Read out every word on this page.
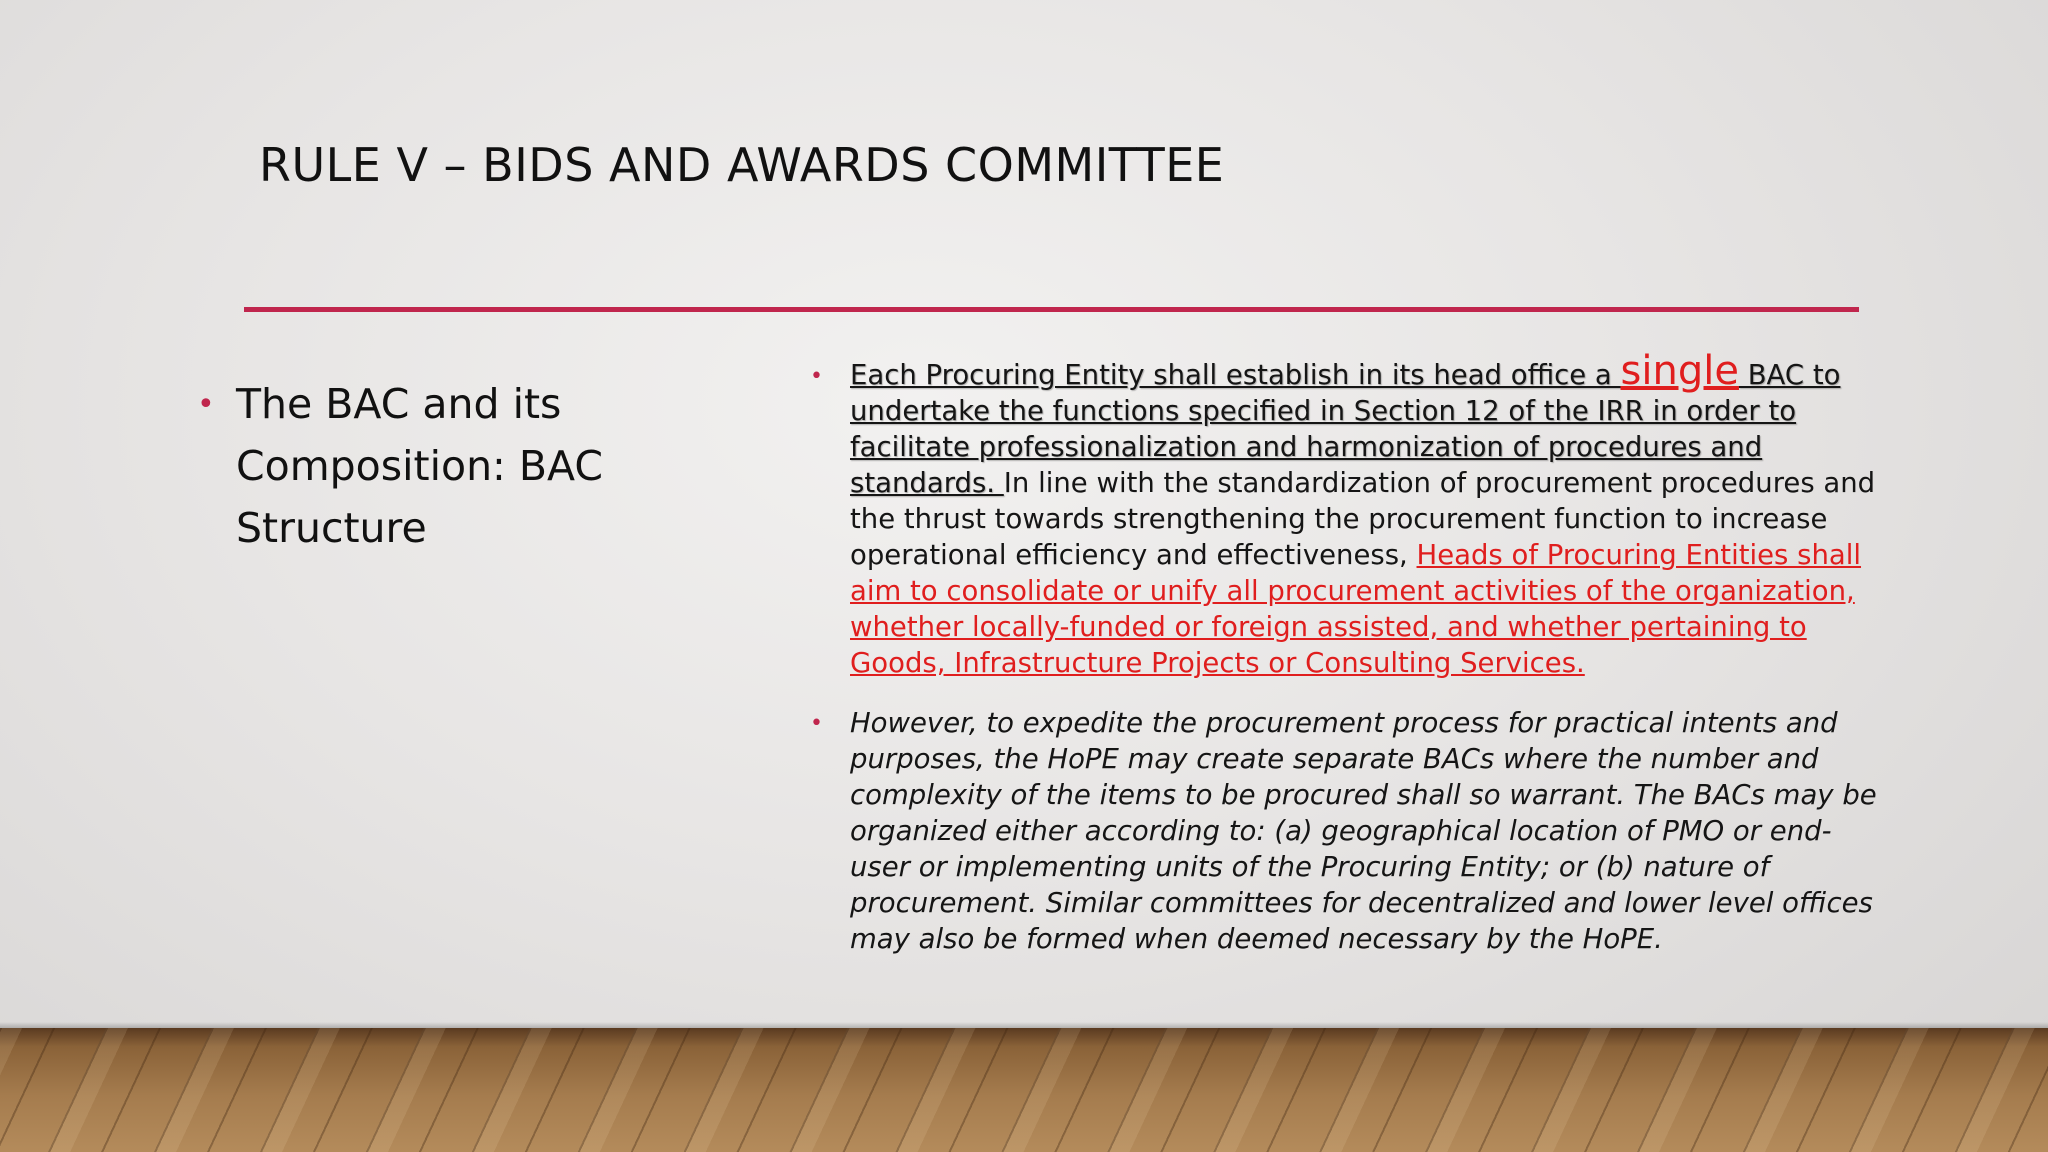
RULE V – BIDS AND AWARDS COMMITTEE
• The BAC and its Composition: BAC Structure
• Each Procuring Entity shall establish in its head office a single BAC to undertake the functions specified in Section 12 of the IRR in order to facilitate professionalization and harmonization of procedures and standards. In line with the standardization of procurement procedures and the thrust towards strengthening the procurement function to increase operational efficiency and effectiveness, Heads of Procuring Entities shall aim to consolidate or unify all procurement activities of the organization, whether locally-funded or foreign assisted, and whether pertaining to Goods, Infrastructure Projects or Consulting Services.
• However, to expedite the procurement process for practical intents and purposes, the HoPE may create separate BACs where the number and complexity of the items to be procured shall so warrant. The BACs may be organized either according to: (a) geographical location of PMO or end-user or implementing units of the Procuring Entity; or (b) nature of procurement. Similar committees for decentralized and lower level offices may also be formed when deemed necessary by the HoPE.
